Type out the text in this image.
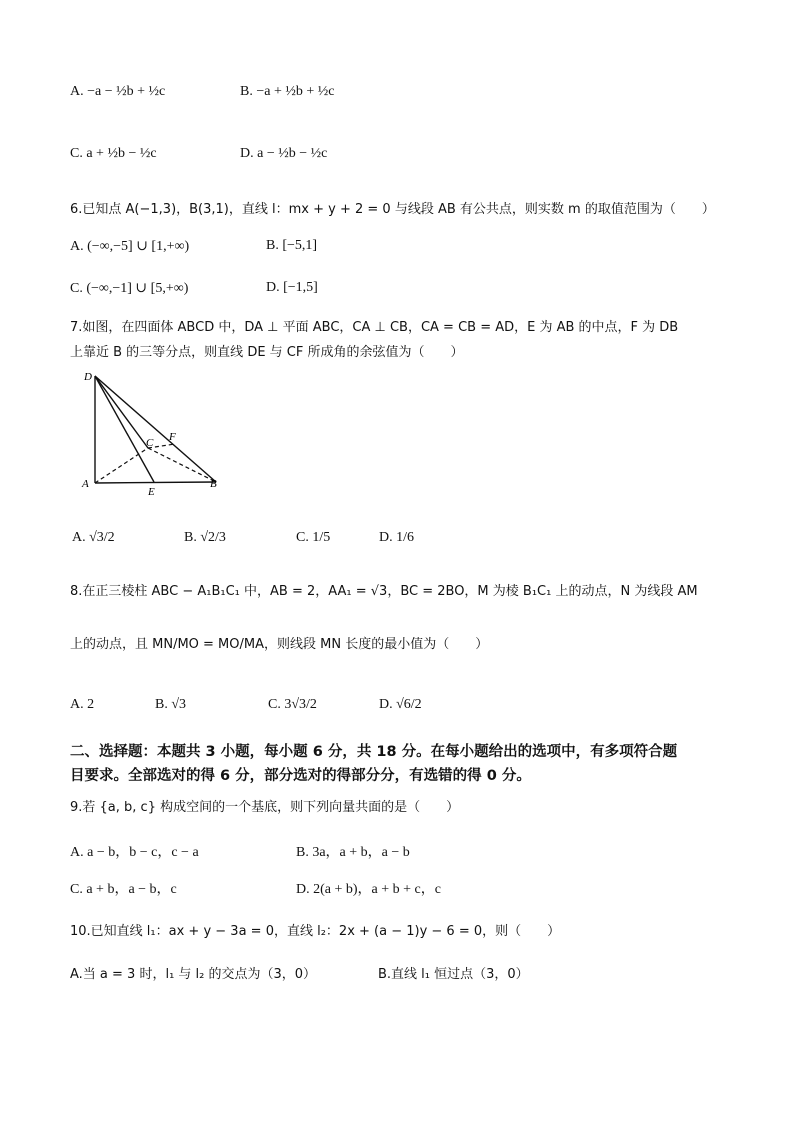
A. −a − ½b + ½c	B. −a + ½b + ½c
C. a + ½b − ½c	D. a − ½b − ½c
6.已知点 A(−1,3)，B(3,1)，直线 l：mx + y + 2 = 0 与线段 AB 有公共点，则实数 m 的取值范围为（　　）
A. (−∞,−5] ∪ [1,+∞)	B. [−5,1]
C. (−∞,−1] ∪ [5,+∞)	D. [−1,5]
7.如图，在四面体 ABCD 中，DA ⊥ 平面 ABC，CA ⊥ CB，CA = CB = AD，E 为 AB 的中点，F 为 DB
上靠近 B 的三等分点，则直线 DE 与 CF 所成角的余弦值为（　　）
D
C F
A
E
B
A. √3/2	B. √2/3	C. 1/5	D. 1/6
8.在正三棱柱 ABC − A₁B₁C₁ 中，AB = 2，AA₁ = √3，BC = 2BO，M 为棱 B₁C₁ 上的动点，N 为线段 AM
上的动点，且 MN/MO = MO/MA，则线段 MN 长度的最小值为（　　）
A. 2	B. √3	C. 3√3/2	D. √6/2
二、选择题：本题共 3 小题，每小题 6 分，共 18 分。在每小题给出的选项中，有多项符合题
目要求。全部选对的得 6 分，部分选对的得部分分，有选错的得 0 分。
9.若 {a, b, c} 构成空间的一个基底，则下列向量共面的是（　　）
A. a − b，b − c，c − a	B. 3a，a + b，a − b
C. a + b，a − b，c	D. 2(a + b)，a + b + c，c
10.已知直线 l₁：ax + y − 3a = 0，直线 l₂：2x + (a − 1)y − 6 = 0，则（　　）
A.当 a = 3 时，l₁ 与 l₂ 的交点为（3，0）	B.直线 l₁ 恒过点（3，0）
